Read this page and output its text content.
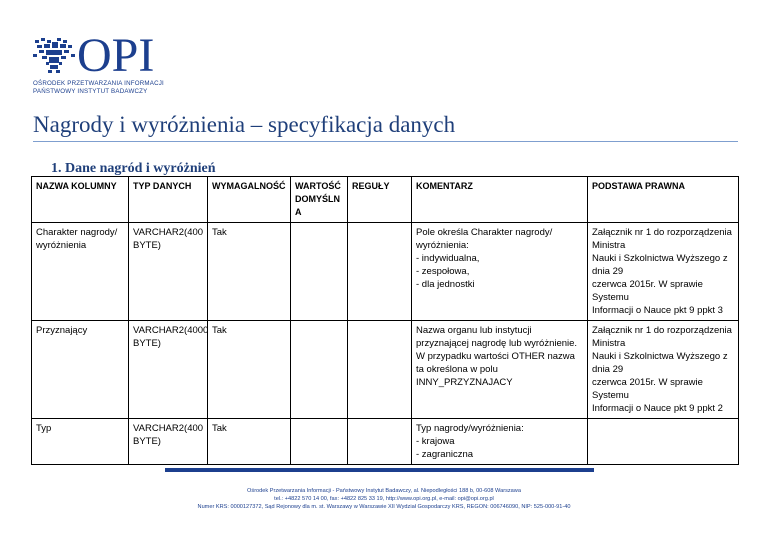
OPI
OŚRODEK PRZETWARZANIA INFORMACJI
PAŃSTWOWY INSTYTUT BADAWCZY
Nagrody i wyróżnienia – specyfikacja danych
1. Dane nagród i wyróżnień
NAZWA KOLUMNY	TYP DANYCH	WYMAGALNOŚĆ	WARTOŚĆ DOMYŚLN A	REGUŁY	KOMENTARZ	PODSTAWA PRAWNA
Charakter nagrody/ wyróżnienia	VARCHAR2(400 BYTE)	Tak			Pole określa Charakter nagrody/ wyróżnienia:
- indywidualna,
- zespołowa,
- dla jednostki	Załącznik nr 1 do rozporządzenia Ministra
Nauki i Szkolnictwa Wyższego z dnia 29
czerwca 2015r. W sprawie Systemu
Informacji o Nauce pkt 9 ppkt 3
Przyznający	VARCHAR2(4000 BYTE)	Tak			Nazwa organu lub instytucji przyznającej nagrodę lub wyróżnienie. W przypadku wartości OTHER nazwa ta określona w polu INNY_PRZYZNAJACY	Załącznik nr 1 do rozporządzenia Ministra
Nauki i Szkolnictwa Wyższego z dnia 29
czerwca 2015r. W sprawie Systemu
Informacji o Nauce pkt 9 ppkt 2
Typ	VARCHAR2(400 BYTE)	Tak			Typ nagrody/wyróżnienia:
- krajowa
- zagraniczna	
Ośrodek Przetwarzania Informacji - Państwowy Instytut Badawczy, al. Niepodległości 188 b, 00-608 Warszawa
tel.: +4822 570 14 00, fax: +4822 825 33 19, http://www.opi.org.pl, e-mail: opi@opi.org.pl
Numer KRS: 0000127372, Sąd Rejonowy dla m. st. Warszawy w Warszawie XII Wydział Gospodarczy KRS, REGON: 006746090, NIP: 525-000-91-40
